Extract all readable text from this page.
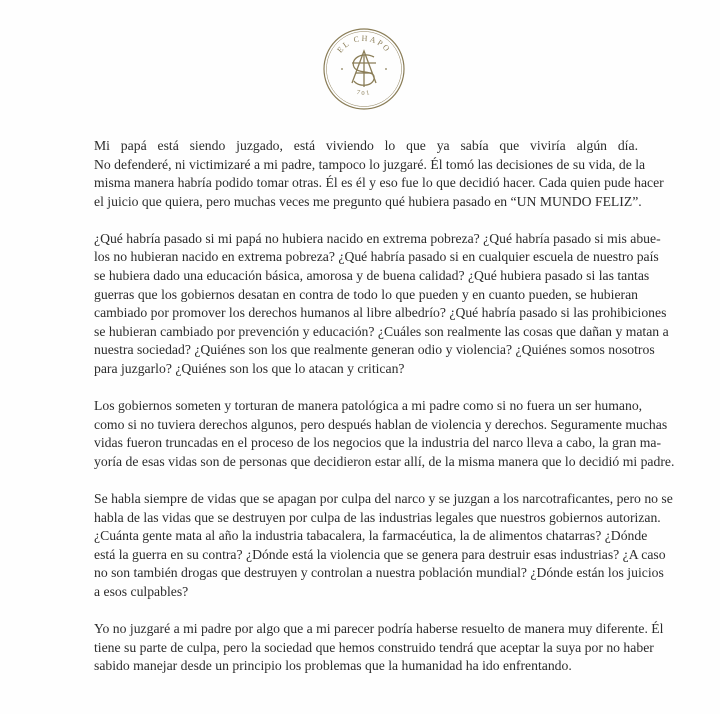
EL CHAPO
701
Mi papá está siendo juzgado, está viviendo lo que ya sabía que viviría algún día.
No defenderé, ni victimizaré a mi padre, tampoco lo juzgaré. Él tomó las decisiones de su vida, de la
misma manera habría podido tomar otras. Él es él y eso fue lo que decidió hacer. Cada quien pude hacer
el juicio que quiera, pero muchas veces me pregunto qué hubiera pasado en “UN MUNDO FELIZ”.
¿Qué habría pasado si mi papá no hubiera nacido en extrema pobreza? ¿Qué habría pasado si mis abue-
los no hubieran nacido en extrema pobreza? ¿Qué habría pasado si en cualquier escuela de nuestro país
se hubiera dado una educación básica, amorosa y de buena calidad? ¿Qué hubiera pasado si las tantas
guerras que los gobiernos desatan en contra de todo lo que pueden y en cuanto pueden, se hubieran
cambiado por promover los derechos humanos al libre albedrío? ¿Qué habría pasado si las prohibiciones
se hubieran cambiado por prevención y educación? ¿Cuáles son realmente las cosas que dañan y matan a
nuestra sociedad? ¿Quiénes son los que realmente generan odio y violencia? ¿Quiénes somos nosotros
para juzgarlo? ¿Quiénes son los que lo atacan y critican?
Los gobiernos someten y torturan de manera patológica a mi padre como si no fuera un ser humano,
como si no tuviera derechos algunos, pero después hablan de violencia y derechos. Seguramente muchas
vidas fueron truncadas en el proceso de los negocios que la industria del narco lleva a cabo, la gran ma-
yoría de esas vidas son de personas que decidieron estar allí, de la misma manera que lo decidió mi padre.
Se habla siempre de vidas que se apagan por culpa del narco y se juzgan a los narcotraficantes, pero no se
habla de las vidas que se destruyen por culpa de las industrias legales que nuestros gobiernos autorizan.
¿Cuánta gente mata al año la industria tabacalera, la farmacéutica, la de alimentos chatarras? ¿Dónde
está la guerra en su contra? ¿Dónde está la violencia que se genera para destruir esas industrias? ¿A caso
no son también drogas que destruyen y controlan a nuestra población mundial? ¿Dónde están los juicios
a esos culpables?
Yo no juzgaré a mi padre por algo que a mi parecer podría haberse resuelto de manera muy diferente. Él
tiene su parte de culpa, pero la sociedad que hemos construido tendrá que aceptar la suya por no haber
sabido manejar desde un principio los problemas que la humanidad ha ido enfrentando.
